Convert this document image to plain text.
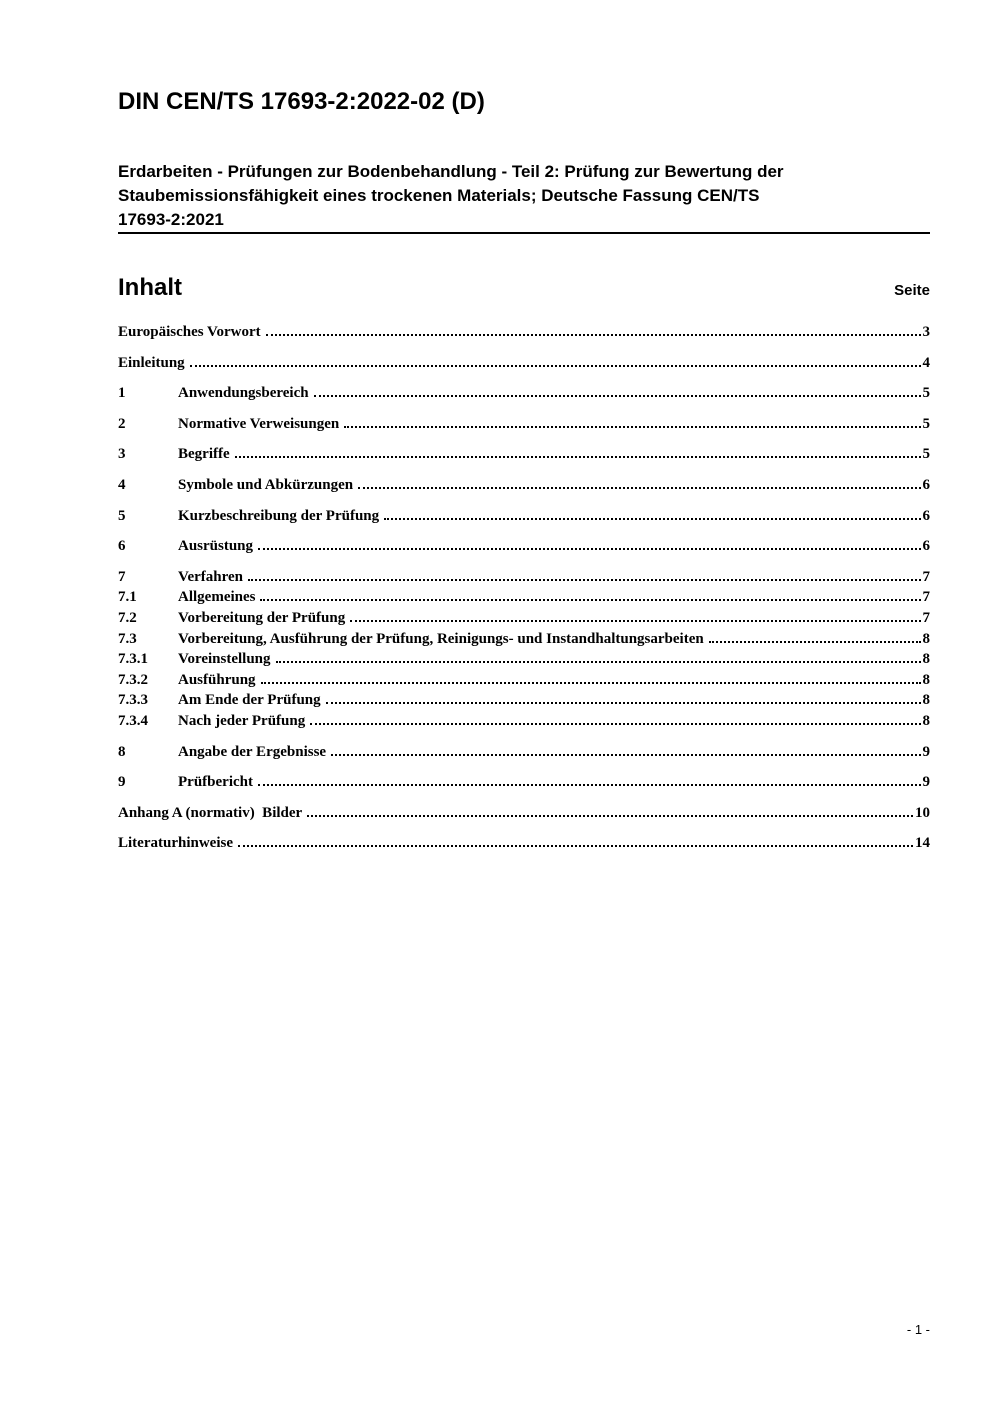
DIN CEN/TS 17693-2:2022-02 (D)
Erdarbeiten - Prüfungen zur Bodenbehandlung - Teil 2: Prüfung zur Bewertung der
Staubemissionsfähigkeit eines trockenen Materials; Deutsche Fassung CEN/TS
17693-2:2021
Inhalt	Seite
Europäisches Vorwort	3
Einleitung	4
1	Anwendungsbereich	5
2	Normative Verweisungen	5
3	Begriffe	5
4	Symbole und Abkürzungen	6
5	Kurzbeschreibung der Prüfung	6
6	Ausrüstung	6
7	Verfahren	7
7.1	Allgemeines	7
7.2	Vorbereitung der Prüfung	7
7.3	Vorbereitung, Ausführung der Prüfung, Reinigungs- und Instandhaltungsarbeiten	8
7.3.1	Voreinstellung	8
7.3.2	Ausführung	8
7.3.3	Am Ende der Prüfung	8
7.3.4	Nach jeder Prüfung	8
8	Angabe der Ergebnisse	9
9	Prüfbericht	9
Anhang A (normativ)  Bilder	10
Literaturhinweise	14
- 1 -
